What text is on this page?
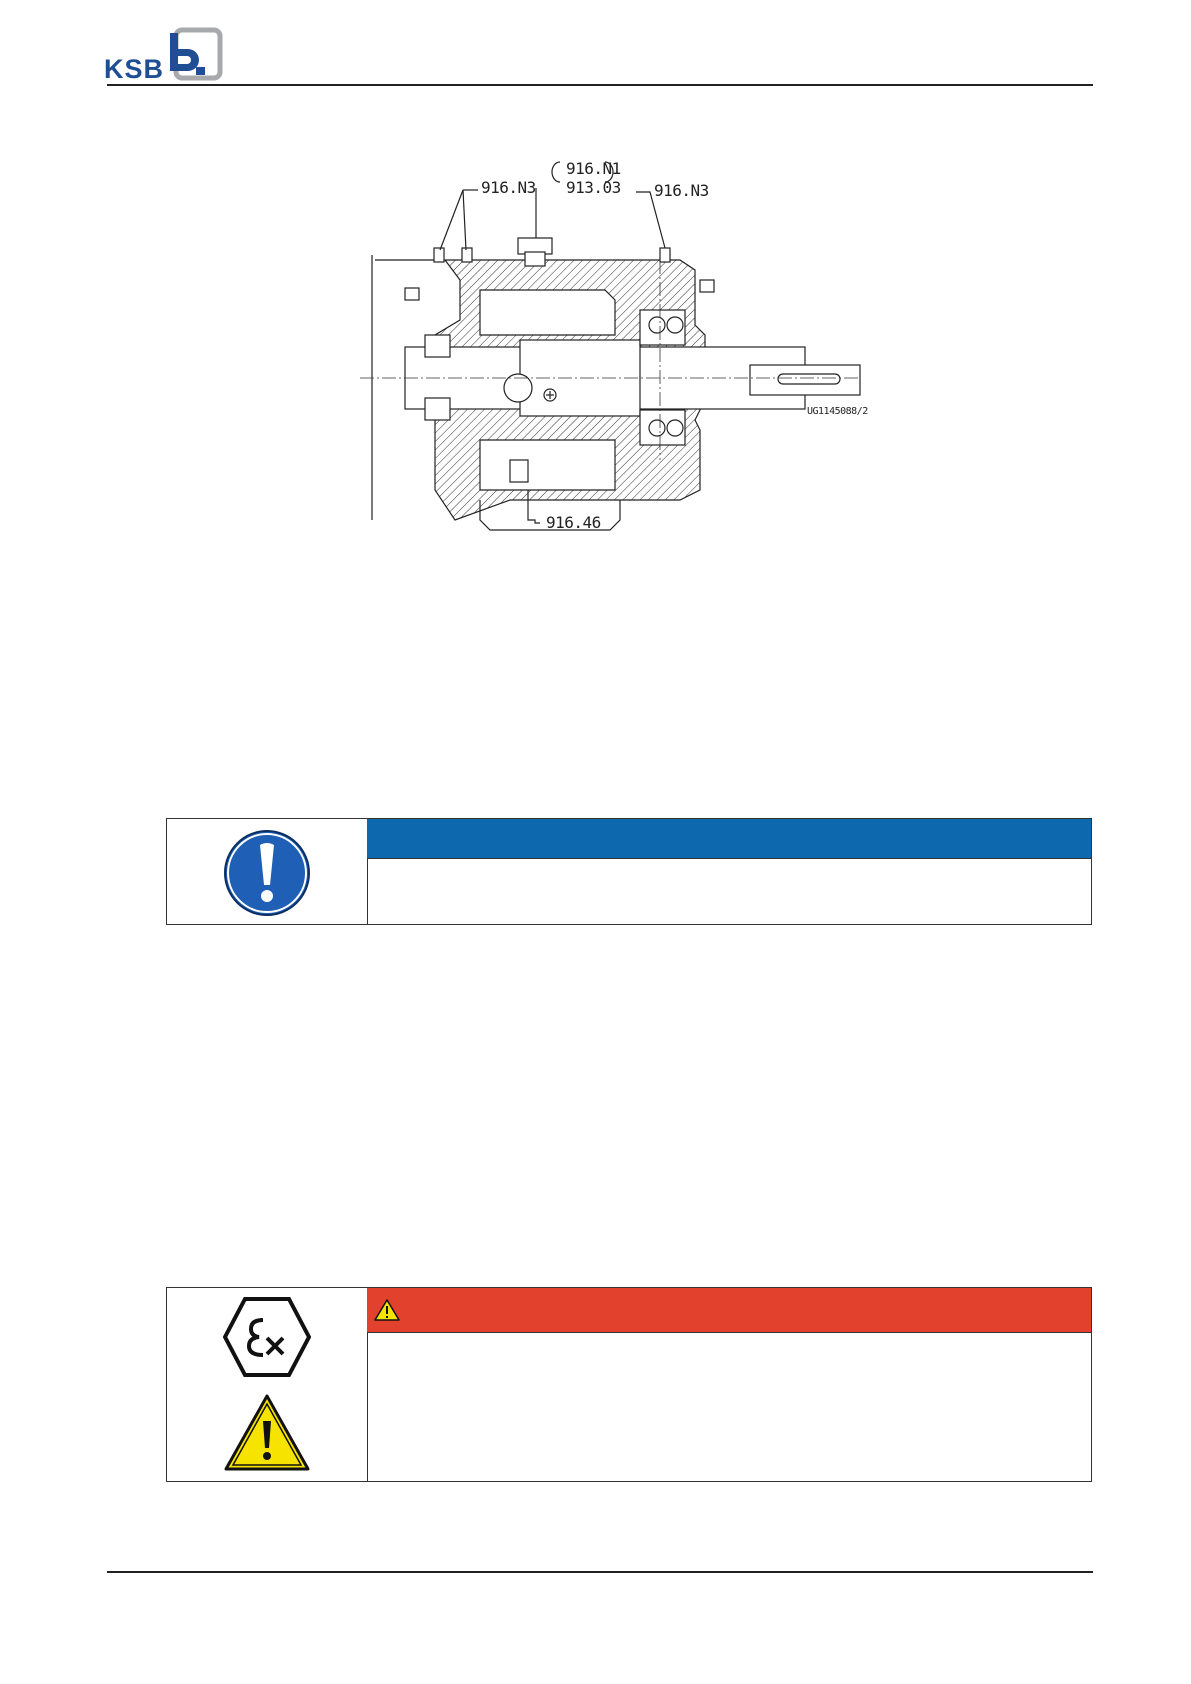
KSB
916.N3
916.N1
913.03 916.N3
916.46
UG1145088/2
